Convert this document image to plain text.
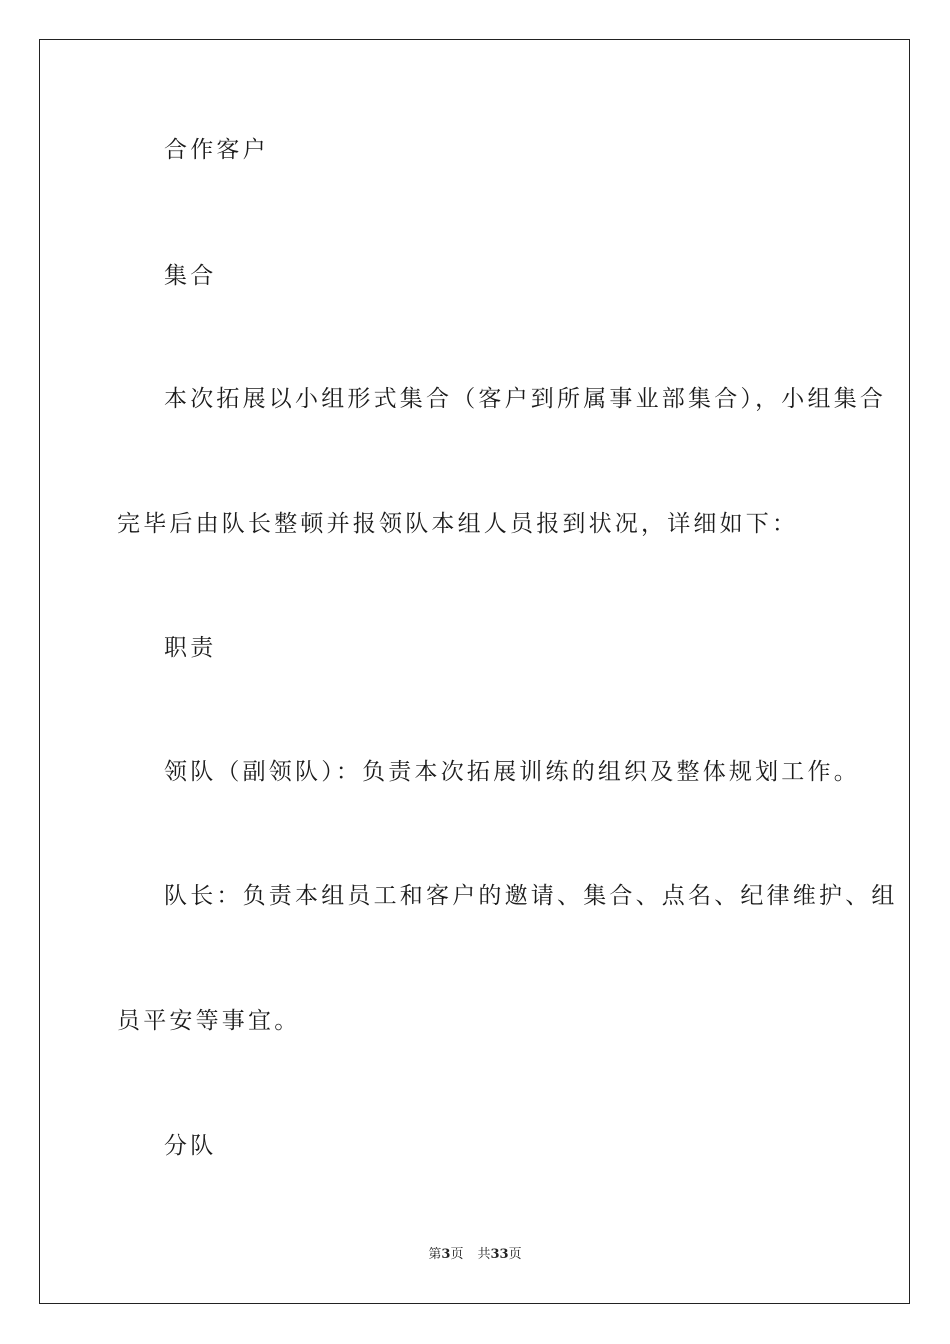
合作客户

集合

本次拓展以小组形式集合（客户到所属事业部集合），小组集合

完毕后由队长整顿并报领队本组人员报到状况，详细如下：

职责

领队（副领队）：负责本次拓展训练的组织及整体规划工作。

队长：负责本组员工和客户的邀请、集合、点名、纪律维护、组

员平安等事宜。

分队

第3页 共33页
